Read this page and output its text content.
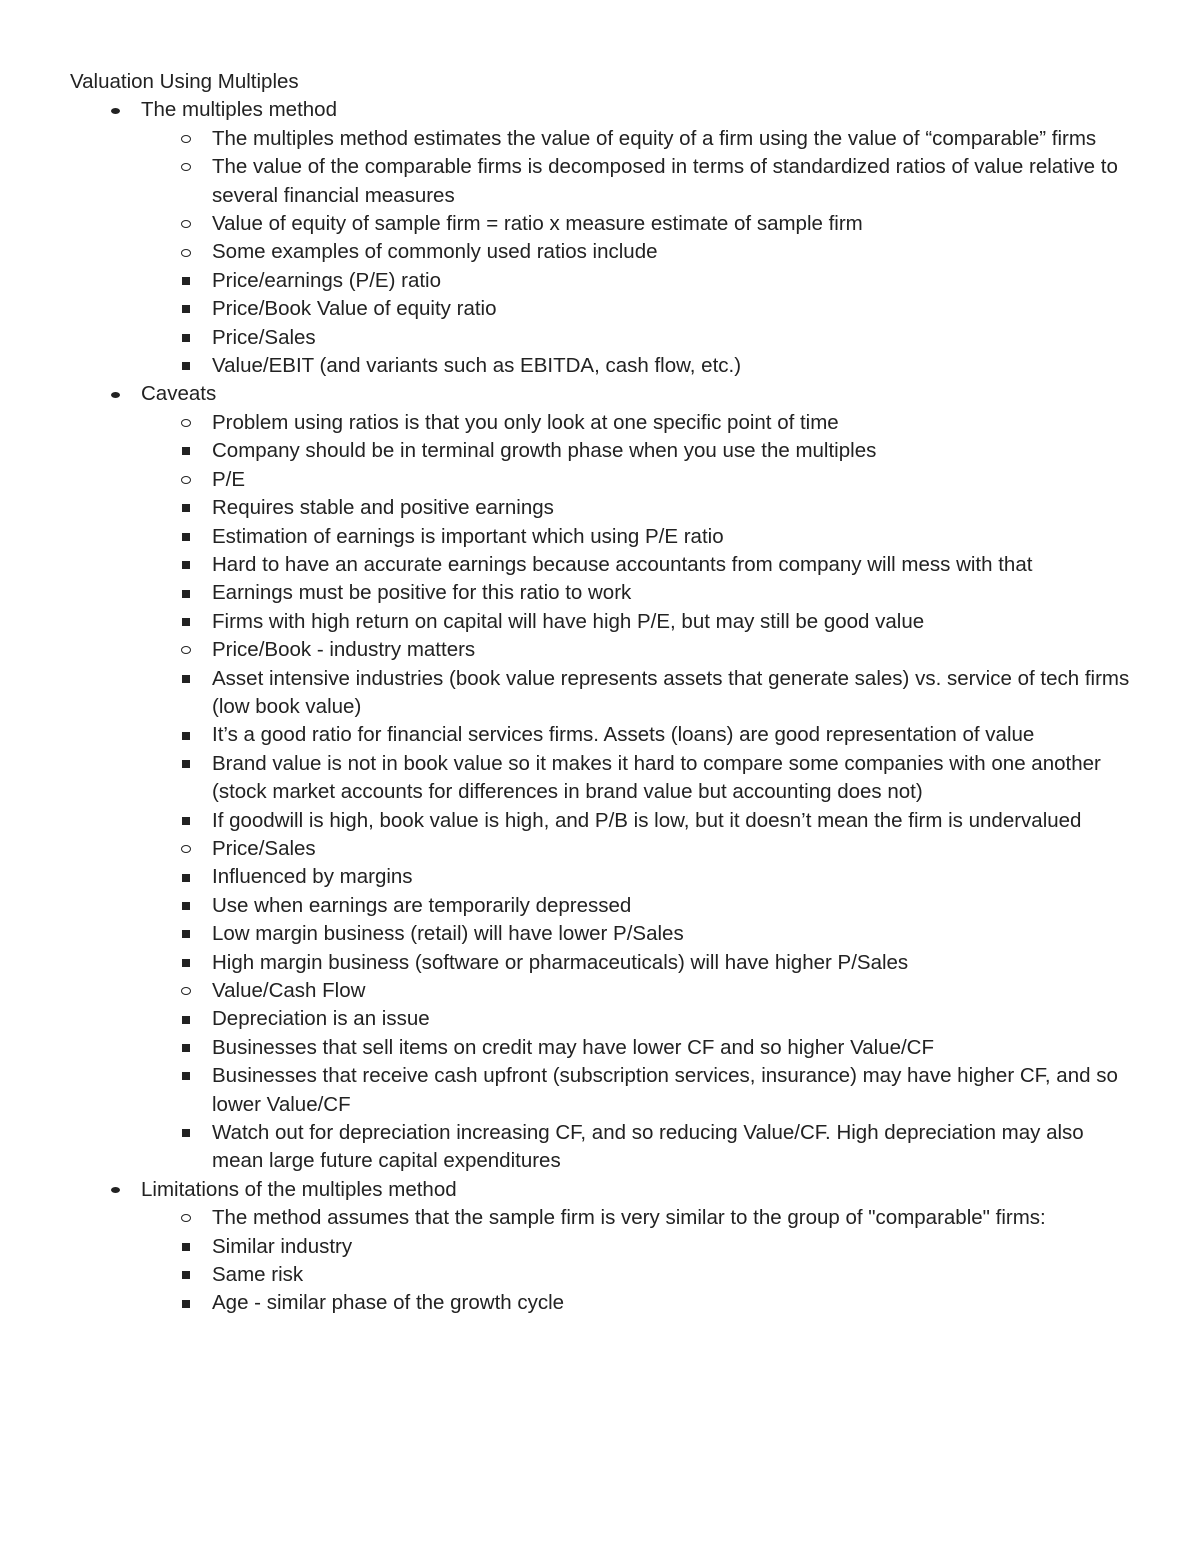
Valuation Using Multiples
The multiples method
The multiples method estimates the value of equity of a firm using the value of “comparable” firms
The value of the comparable firms is decomposed in terms of standardized ratios of value relative to several financial measures
Value of equity of sample firm = ratio x measure estimate of sample firm
Some examples of commonly used ratios include
Price/earnings (P/E) ratio
Price/Book Value of equity ratio
Price/Sales
Value/EBIT (and variants such as EBITDA, cash flow, etc.)
Caveats
Problem using ratios is that you only look at one specific point of time
Company should be in terminal growth phase when you use the multiples
P/E
Requires stable and positive earnings
Estimation of earnings is important which using P/E ratio
Hard to have an accurate earnings because accountants from company will mess with that
Earnings must be positive for this ratio to work
Firms with high return on capital will have high P/E, but may still be good value
Price/Book - industry matters
Asset intensive industries (book value represents assets that generate sales) vs. service of tech firms (low book value)
It’s a good ratio for financial services firms. Assets (loans) are good representation of value
Brand value is not in book value so it makes it hard to compare some companies with one another (stock market accounts for differences in brand value but accounting does not)
If goodwill is high, book value is high, and P/B is low, but it doesn’t mean the firm is undervalued
Price/Sales
Influenced by margins
Use when earnings are temporarily depressed
Low margin business (retail) will have lower P/Sales
High margin business (software or pharmaceuticals) will have higher P/Sales
Value/Cash Flow
Depreciation is an issue
Businesses that sell items on credit may have lower CF and so higher Value/CF
Businesses that receive cash upfront (subscription services, insurance) may have higher CF, and so lower Value/CF
Watch out for depreciation increasing CF, and so reducing Value/CF. High depreciation may also mean large future capital expenditures
Limitations of the multiples method
The method assumes that the sample firm is very similar to the group of "comparable" firms:
Similar industry
Same risk
Age - similar phase of the growth cycle
